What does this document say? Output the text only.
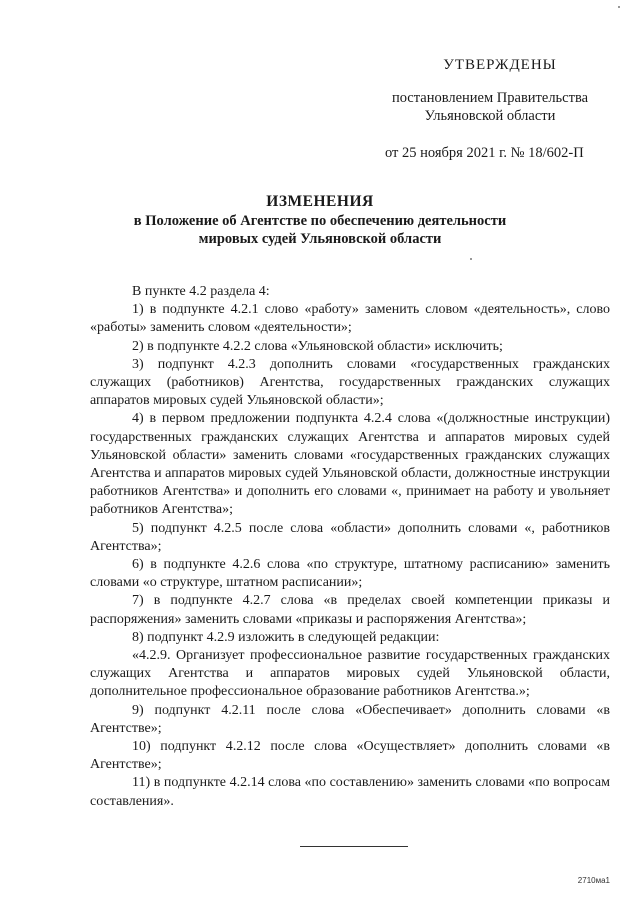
УТВЕРЖДЕНЫ
постановлением Правительства
Ульяновской области
от 25 ноября 2021 г. № 18/602-П
ИЗМЕНЕНИЯ
в Положение об Агентстве по обеспечению деятельности
мировых судей Ульяновской области

В пункте 4.2 раздела 4:

1) в подпункте 4.2.1 слово «работу» заменить словом «деятельность», слово «работы» заменить словом «деятельности»;

2) в подпункте 4.2.2 слова «Ульяновской области» исключить;

3) подпункт 4.2.3 дополнить словами «государственных гражданских служащих (работников) Агентства, государственных гражданских служащих аппаратов мировых судей Ульяновской области»;

4) в первом предложении подпункта 4.2.4 слова «(должностные инструкции) государственных гражданских служащих Агентства и аппаратов мировых судей Ульяновской области» заменить словами «государственных гражданских служащих Агентства и аппаратов мировых судей Ульяновской области, должностные инструкции работников Агентства» и дополнить его словами «, принимает на работу и увольняет работников Агентства»;

5) подпункт 4.2.5 после слова «области» дополнить словами «, работников Агентства»;

6) в подпункте 4.2.6 слова «по структуре, штатному расписанию» заменить словами «о структуре, штатном расписании»;

7) в подпункте 4.2.7 слова «в пределах своей компетенции приказы и распоряжения» заменить словами «приказы и распоряжения Агентства»;

8) подпункт 4.2.9 изложить в следующей редакции:

«4.2.9. Организует профессиональное развитие государственных гражданских служащих Агентства и аппаратов мировых судей Ульяновской области, дополнительное профессиональное образование работников Агентства.»;

9) подпункт 4.2.11 после слова «Обеспечивает» дополнить словами «в Агентстве»;

10) подпункт 4.2.12 после слова «Осуществляет» дополнить словами «в Агентстве»;

11) в подпункте 4.2.14 слова «по составлению» заменить словами «по вопросам составления».

2710ма1
